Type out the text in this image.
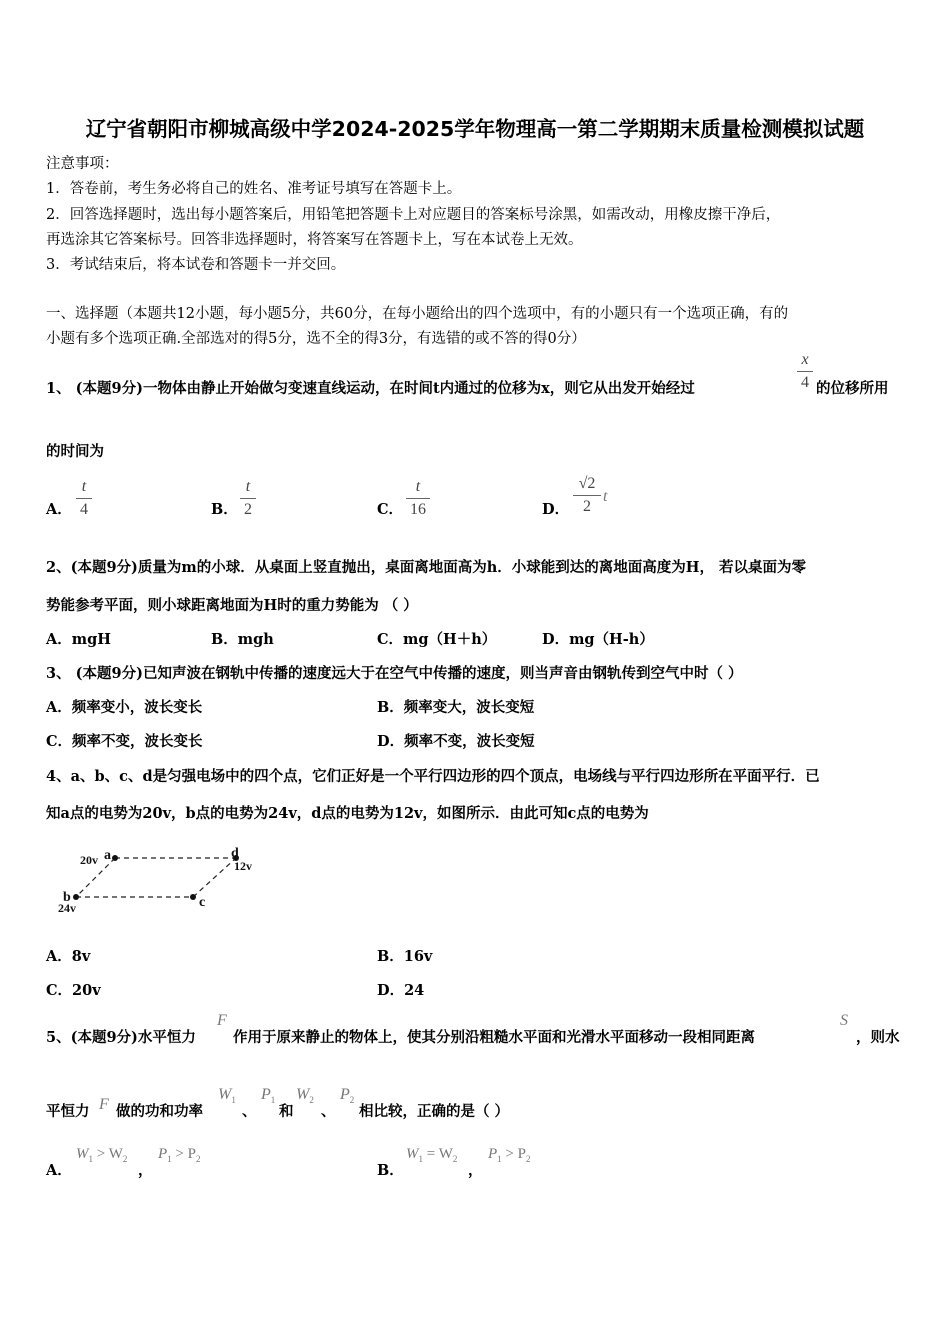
辽宁省朝阳市柳城高级中学2024-2025学年物理高一第二学期期末质量检测模拟试题
注意事项：
1．答卷前，考生务必将自己的姓名、准考证号填写在答题卡上。
2．回答选择题时，选出每小题答案后，用铅笔把答题卡上对应题目的答案标号涂黑，如需改动，用橡皮擦干净后，
再选涂其它答案标号。回答非选择题时，将答案写在答题卡上，写在本试卷上无效。
3．考试结束后，将本试卷和答题卡一并交回。
一、选择题（本题共12小题，每小题5分，共60分，在每小题给出的四个选项中，有的小题只有一个选项正确，有的
小题有多个选项正确.全部选对的得5分，选不全的得3分，有选错的或不答的得0分）
1、 (本题9分)一物体由静止开始做匀变速直线运动，在时间t内通过的位移为x，则它从出发开始经过
x
4 的位移所用
的时间为
A．
t
4	B．
t
2	C．
t
16	D．
√2
2
t
2、(本题9分)质量为m的小球．从桌面上竖直抛出，桌面离地面高为h．小球能到达的离地面高度为H， 若以桌面为零
势能参考平面，则小球距离地面为H时的重力势能为 （ ）
A．mgH	B．mgh	C．mg（H＋h）	D．mg（H-h）
3、 (本题9分)已知声波在钢轨中传播的速度远大于在空气中传播的速度，则当声音由钢轨传到空气中时（ ）
A．频率变小，波长变长	B．频率变大，波长变短
C．频率不变，波长变长	D．频率不变，波长变短
4、a、b、c、d是匀强电场中的四个点，它们正好是一个平行四边形的四个顶点，电场线与平行四边形所在平面平行．已
知a点的电势为20v，b点的电势为24v，d点的电势为12v，如图所示．由此可知c点的电势为
20v a	d
12v
b
24v	c
A．8v	B．16v
C．20v	D．24
5、(本题9分)水平恒力
F
作用于原来静止的物体上，使其分别沿粗糙水平面和光滑水平面移动一段相同距离
S
，则水
平恒力 F 做的功和功率
$W_1$
、
$P_1$
和
$W_2$
、
$P_2$
相比较，正确的是（ ）
A．
$W_1 > W_2$
，
$P_1 > P_2$
B．
$W_1 = W_2$
，
$P_1 > P_2$
